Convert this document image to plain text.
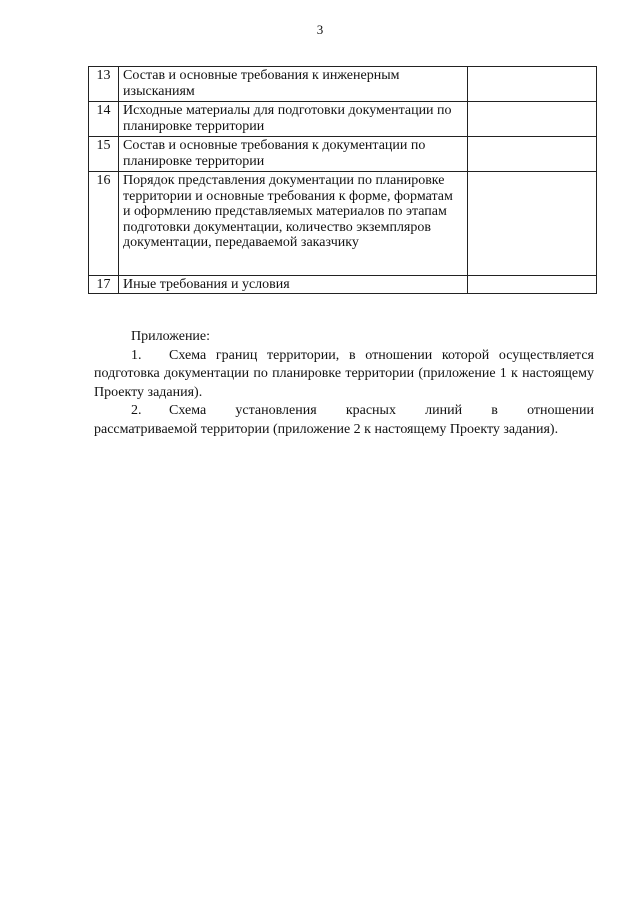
3
13	Состав и основные требования к инженерным изысканиям	
14	Исходные материалы для подготовки документации по планировке территории	
15	Состав и основные требования к документации по планировке территории	
16	Порядок представления документации по планировке территории и основные требования к форме, форматам и оформлению представляемых материалов по этапам подготовки документации, количество экземпляров документации, передаваемой заказчику	
17	Иные требования и условия	
Приложение:
1. Схема границ территории, в отношении которой осуществляется подготовка документации по планировке территории (приложение 1 к настоящему Проекту задания).
2. Схема установления красных линий в отношении
рассматриваемой территории (приложение 2 к настоящему Проекту задания).
